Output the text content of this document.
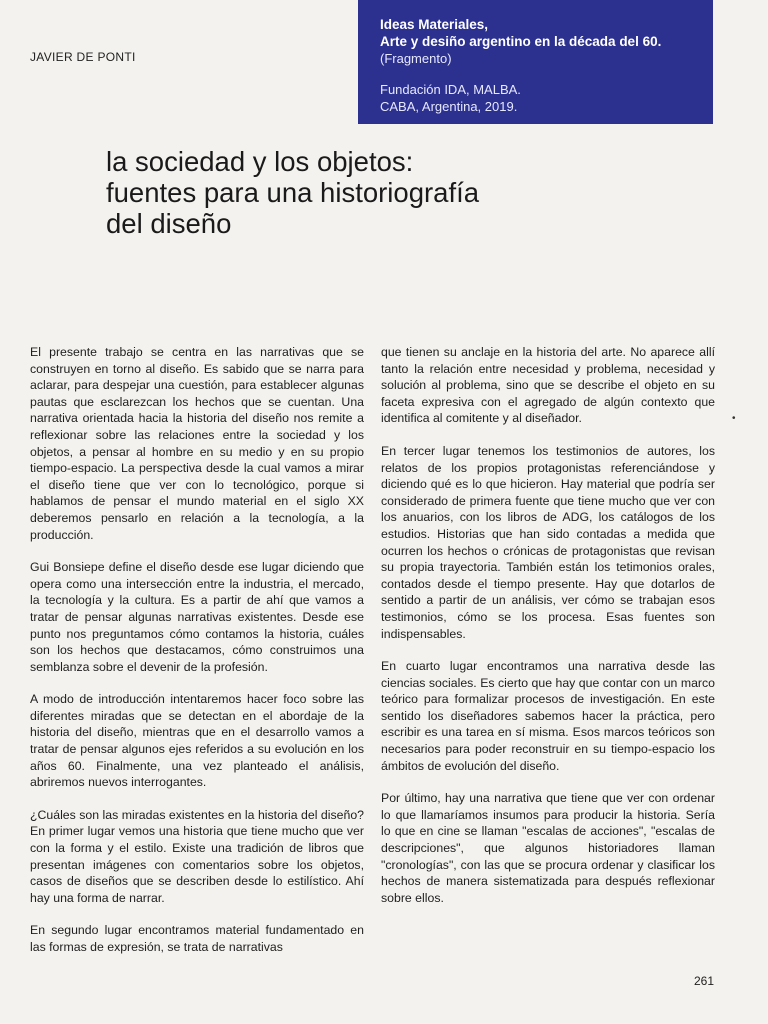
JAVIER DE PONTI
Ideas Materiales,
Arte y desiño argentino en la década del 60.
(Fragmento)
Fundación IDA, MALBA.
CABA, Argentina, 2019.
la sociedad y los objetos:
fuentes para una historiografía
del diseño

El presente trabajo se centra en las narrativas que se construyen en torno al diseño. Es sabido que se narra para aclarar, para despejar una cuestión, para establecer algunas pautas que esclarezcan los hechos que se cuentan. Una narrativa orientada hacia la historia del diseño nos remite a reflexionar sobre las relaciones entre la sociedad y los objetos, a pensar al hombre en su medio y en su propio tiempo-espacio. La perspectiva desde la cual vamos a mirar el diseño tiene que ver con lo tecnológico, porque si hablamos de pensar el mundo material en el siglo XX deberemos pensarlo en relación a la tecnología, a la producción.

Gui Bonsiepe define el diseño desde ese lugar diciendo que opera como una intersección entre la industria, el mercado, la tecnología y la cultura. Es a partir de ahí que vamos a tratar de pensar algunas narrativas existentes. Desde ese punto nos preguntamos cómo contamos la historia, cuáles son los hechos que destacamos, cómo construimos una semblanza sobre el devenir de la profesión.

A modo de introducción intentaremos hacer foco sobre las diferentes miradas que se detectan en el abordaje de la historia del diseño, mientras que en el desarrollo vamos a tratar de pensar algunos ejes referidos a su evolución en los años 60. Finalmente, una vez planteado el análisis, abriremos nuevos interrogantes.

¿Cuáles son las miradas existentes en la historia del diseño? En primer lugar vemos una historia que tiene mucho que ver con la forma y el estilo. Existe una tradición de libros que presentan imágenes con comentarios sobre los objetos, casos de diseños que se describen desde lo estilístico. Ahí hay una forma de narrar.

En segundo lugar encontramos material fundamentado en las formas de expresión, se trata de narrativas

que tienen su anclaje en la historia del arte. No aparece allí tanto la relación entre necesidad y problema, necesidad y solución al problema, sino que se describe el objeto en su faceta expresiva con el agregado de algún contexto que identifica al comitente y al diseñador.

En tercer lugar tenemos los testimonios de autores, los relatos de los propios protagonistas referenciándose y diciendo qué es lo que hicieron. Hay material que podría ser considerado de primera fuente que tiene mucho que ver con los anuarios, con los libros de ADG, los catálogos de los estudios. Historias que han sido contadas a medida que ocurren los hechos o crónicas de protagonistas que revisan su propia trayectoria. También están los tetimonios orales, contados desde el tiempo presente. Hay que dotarlos de sentido a partir de un análisis, ver cómo se trabajan esos testimonios, cómo se los procesa. Esas fuentes son indispensables.

En cuarto lugar encontramos una narrativa desde las ciencias sociales. Es cierto que hay que contar con un marco teórico para formalizar procesos de investigación. En este sentido los diseñadores sabemos hacer la práctica, pero escribir es una tarea en sí misma. Esos marcos teóricos son necesarios para poder reconstruir en su tiempo-espacio los ámbitos de evolución del diseño.

Por último, hay una narrativa que tiene que ver con ordenar lo que llamaríamos insumos para producir la historia. Sería lo que en cine se llaman "escalas de acciones", "escalas de descripciones", que algunos historiadores llaman "cronologías", con las que se procura ordenar y clasificar los hechos de manera sistematizada para después reflexionar sobre ellos.

•
261
